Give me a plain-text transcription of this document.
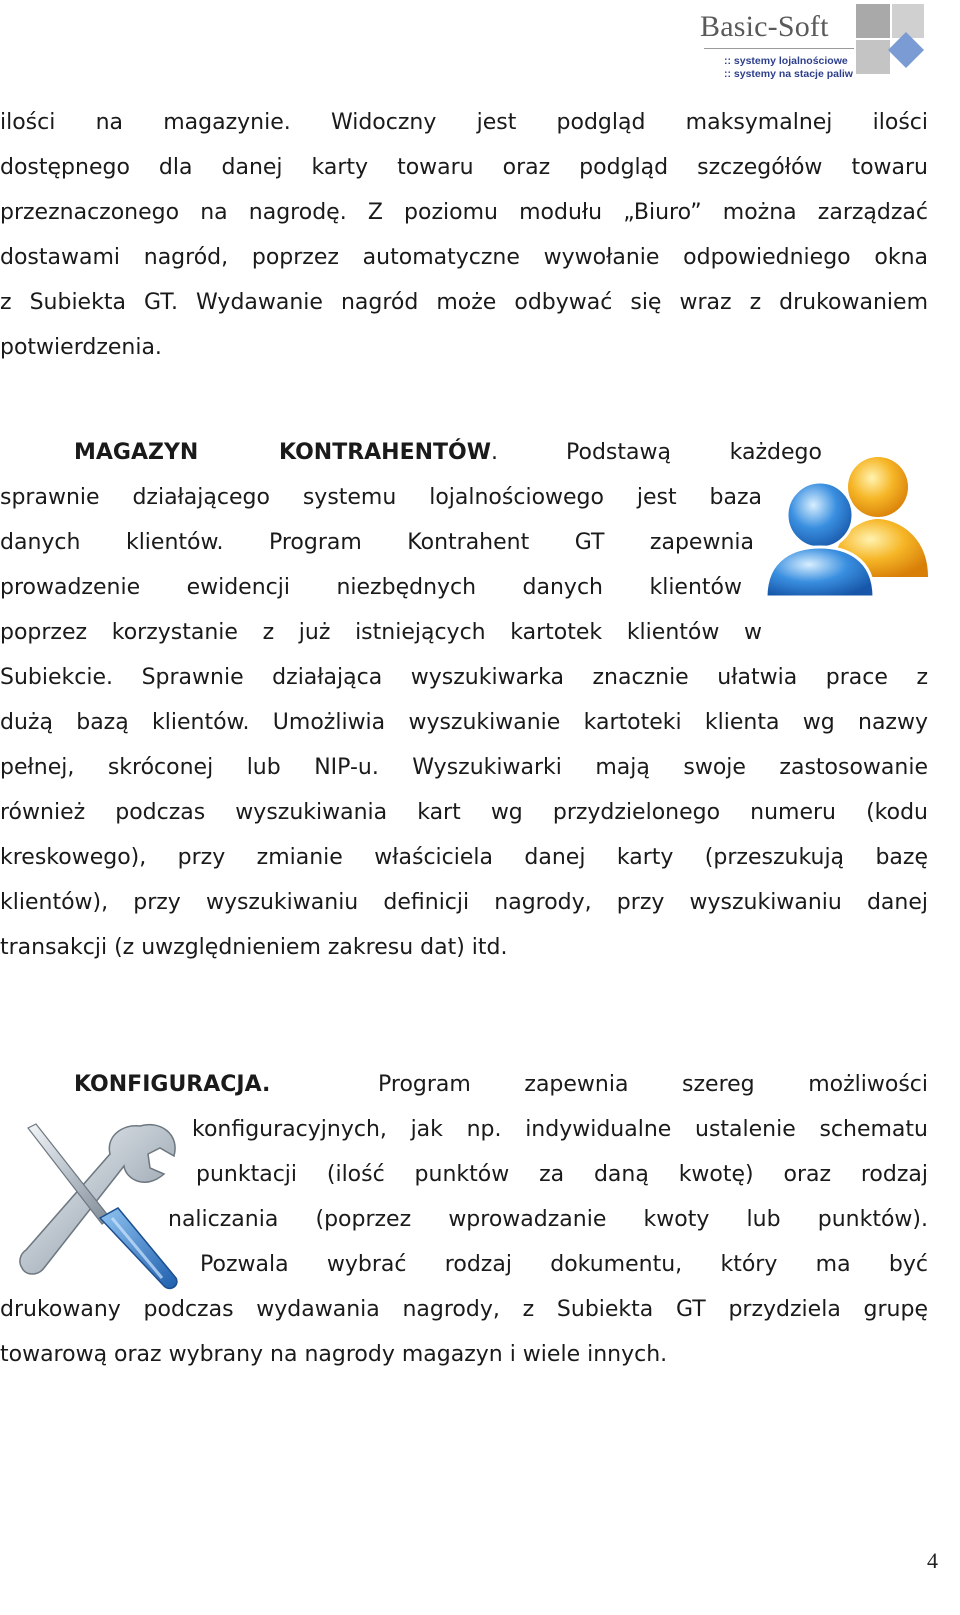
Basic-Soft
:: systemy lojalnościowe
:: systemy na stacje paliw
ilości na magazynie. Widoczny jest podgląd maksymalnej ilości
dostępnego dla danej karty towaru oraz podgląd szczegółów towaru
przeznaczonego na nagrodę. Z poziomu modułu „Biuro” można zarządzać
dostawami nagród, poprzez automatyczne wywołanie odpowiedniego okna
z Subiekta GT. Wydawanie nagród może odbywać się wraz z drukowaniem
potwierdzenia.
MAGAZYN	KONTRAHENTÓW.	Podstawą każdego
sprawnie działającego systemu lojalnościowego jest baza
danych klientów. Program Kontrahent GT zapewnia
prowadzenie ewidencji niezbędnych danych klientów
poprzez korzystanie z już istniejących kartotek klientów w
Subiekcie. Sprawnie działająca wyszukiwarka znacznie ułatwia prace z
dużą bazą klientów. Umożliwia wyszukiwanie kartoteki klienta wg nazwy
pełnej, skróconej lub NIP-u. Wyszukiwarki mają swoje zastosowanie
również podczas wyszukiwania kart wg przydzielonego numeru (kodu
kreskowego), przy zmianie właściciela danej karty (przeszukują bazę
klientów), przy wyszukiwaniu definicji nagrody, przy wyszukiwaniu danej
transakcji (z uwzględnieniem zakresu dat) itd.
KONFIGURACJA.	Program zapewnia szereg możliwości
konfiguracyjnych, jak np. indywidualne ustalenie schematu
punktacji (ilość punktów za daną kwotę) oraz rodzaj
naliczania (poprzez wprowadzanie kwoty lub punktów).
Pozwala wybrać rodzaj dokumentu, który ma być
drukowany podczas wydawania nagrody, z Subiekta GT przydziela grupę
towarową oraz wybrany na nagrody magazyn i wiele innych.
4
